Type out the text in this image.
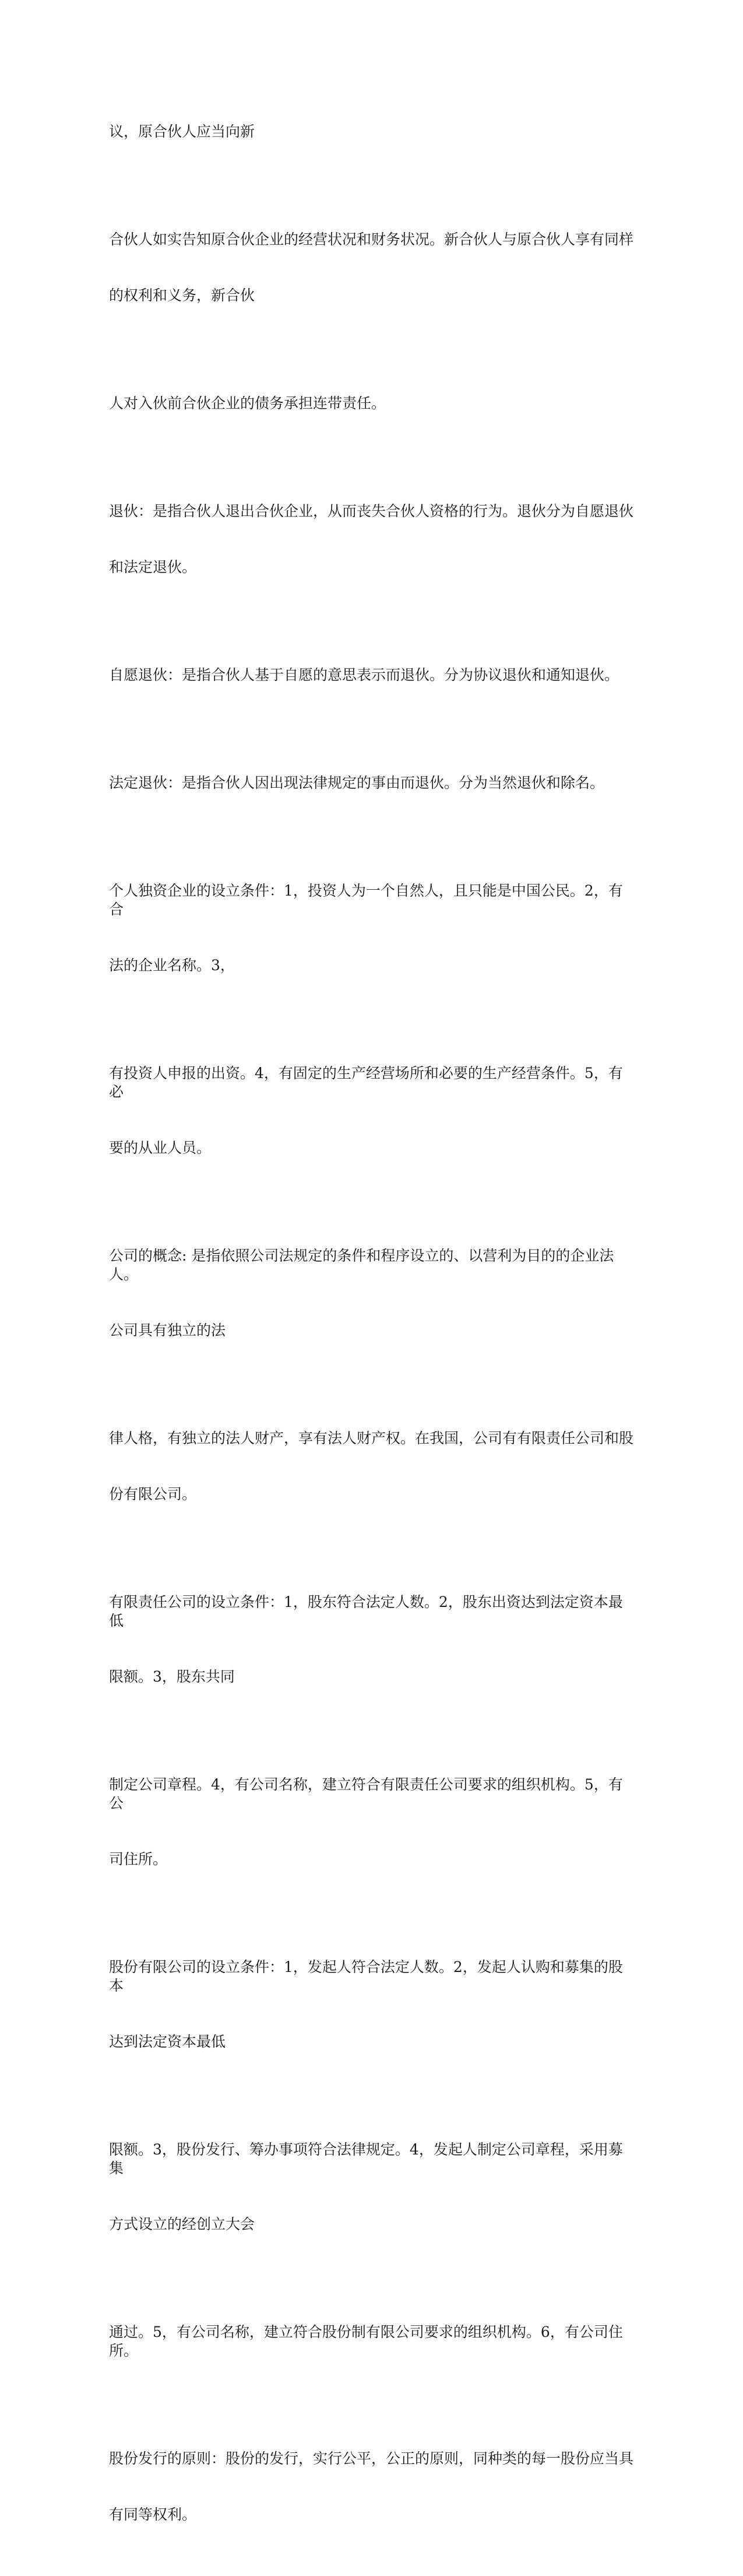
议，原合伙人应当向新

合伙人如实告知原合伙企业的经营状况和财务状况。新合伙人与原合伙人享有同样

的权利和义务，新合伙

人对入伙前合伙企业的债务承担连带责任。

退伙：是指合伙人退出合伙企业，从而丧失合伙人资格的行为。退伙分为自愿退伙

和法定退伙。

自愿退伙：是指合伙人基于自愿的意思表示而退伙。分为协议退伙和通知退伙。

法定退伙：是指合伙人因出现法律规定的事由而退伙。分为当然退伙和除名。

个人独资企业的设立条件：1，投资人为一个自然人，且只能是中国公民。2，有合

法的企业名称。3，

有投资人申报的出资。4，有固定的生产经营场所和必要的生产经营条件。5，有必

要的从业人员。

公司的概念: 是指依照公司法规定的条件和程序设立的、以营利为目的的企业法人。

公司具有独立的法

律人格，有独立的法人财产，享有法人财产权。在我国，公司有有限责任公司和股

份有限公司。

有限责任公司的设立条件：1，股东符合法定人数。2，股东出资达到法定资本最低

限额。3，股东共同

制定公司章程。4，有公司名称，建立符合有限责任公司要求的组织机构。5，有公

司住所。

股份有限公司的设立条件：1，发起人符合法定人数。2，发起人认购和募集的股本

达到法定资本最低

限额。3，股份发行、筹办事项符合法律规定。4，发起人制定公司章程，采用募集

方式设立的经创立大会

通过。5，有公司名称，建立符合股份制有限公司要求的组织机构。6，有公司住所。

股份发行的原则：股份的发行，实行公平，公正的原则，同种类的每一股份应当具

有同等权利。
